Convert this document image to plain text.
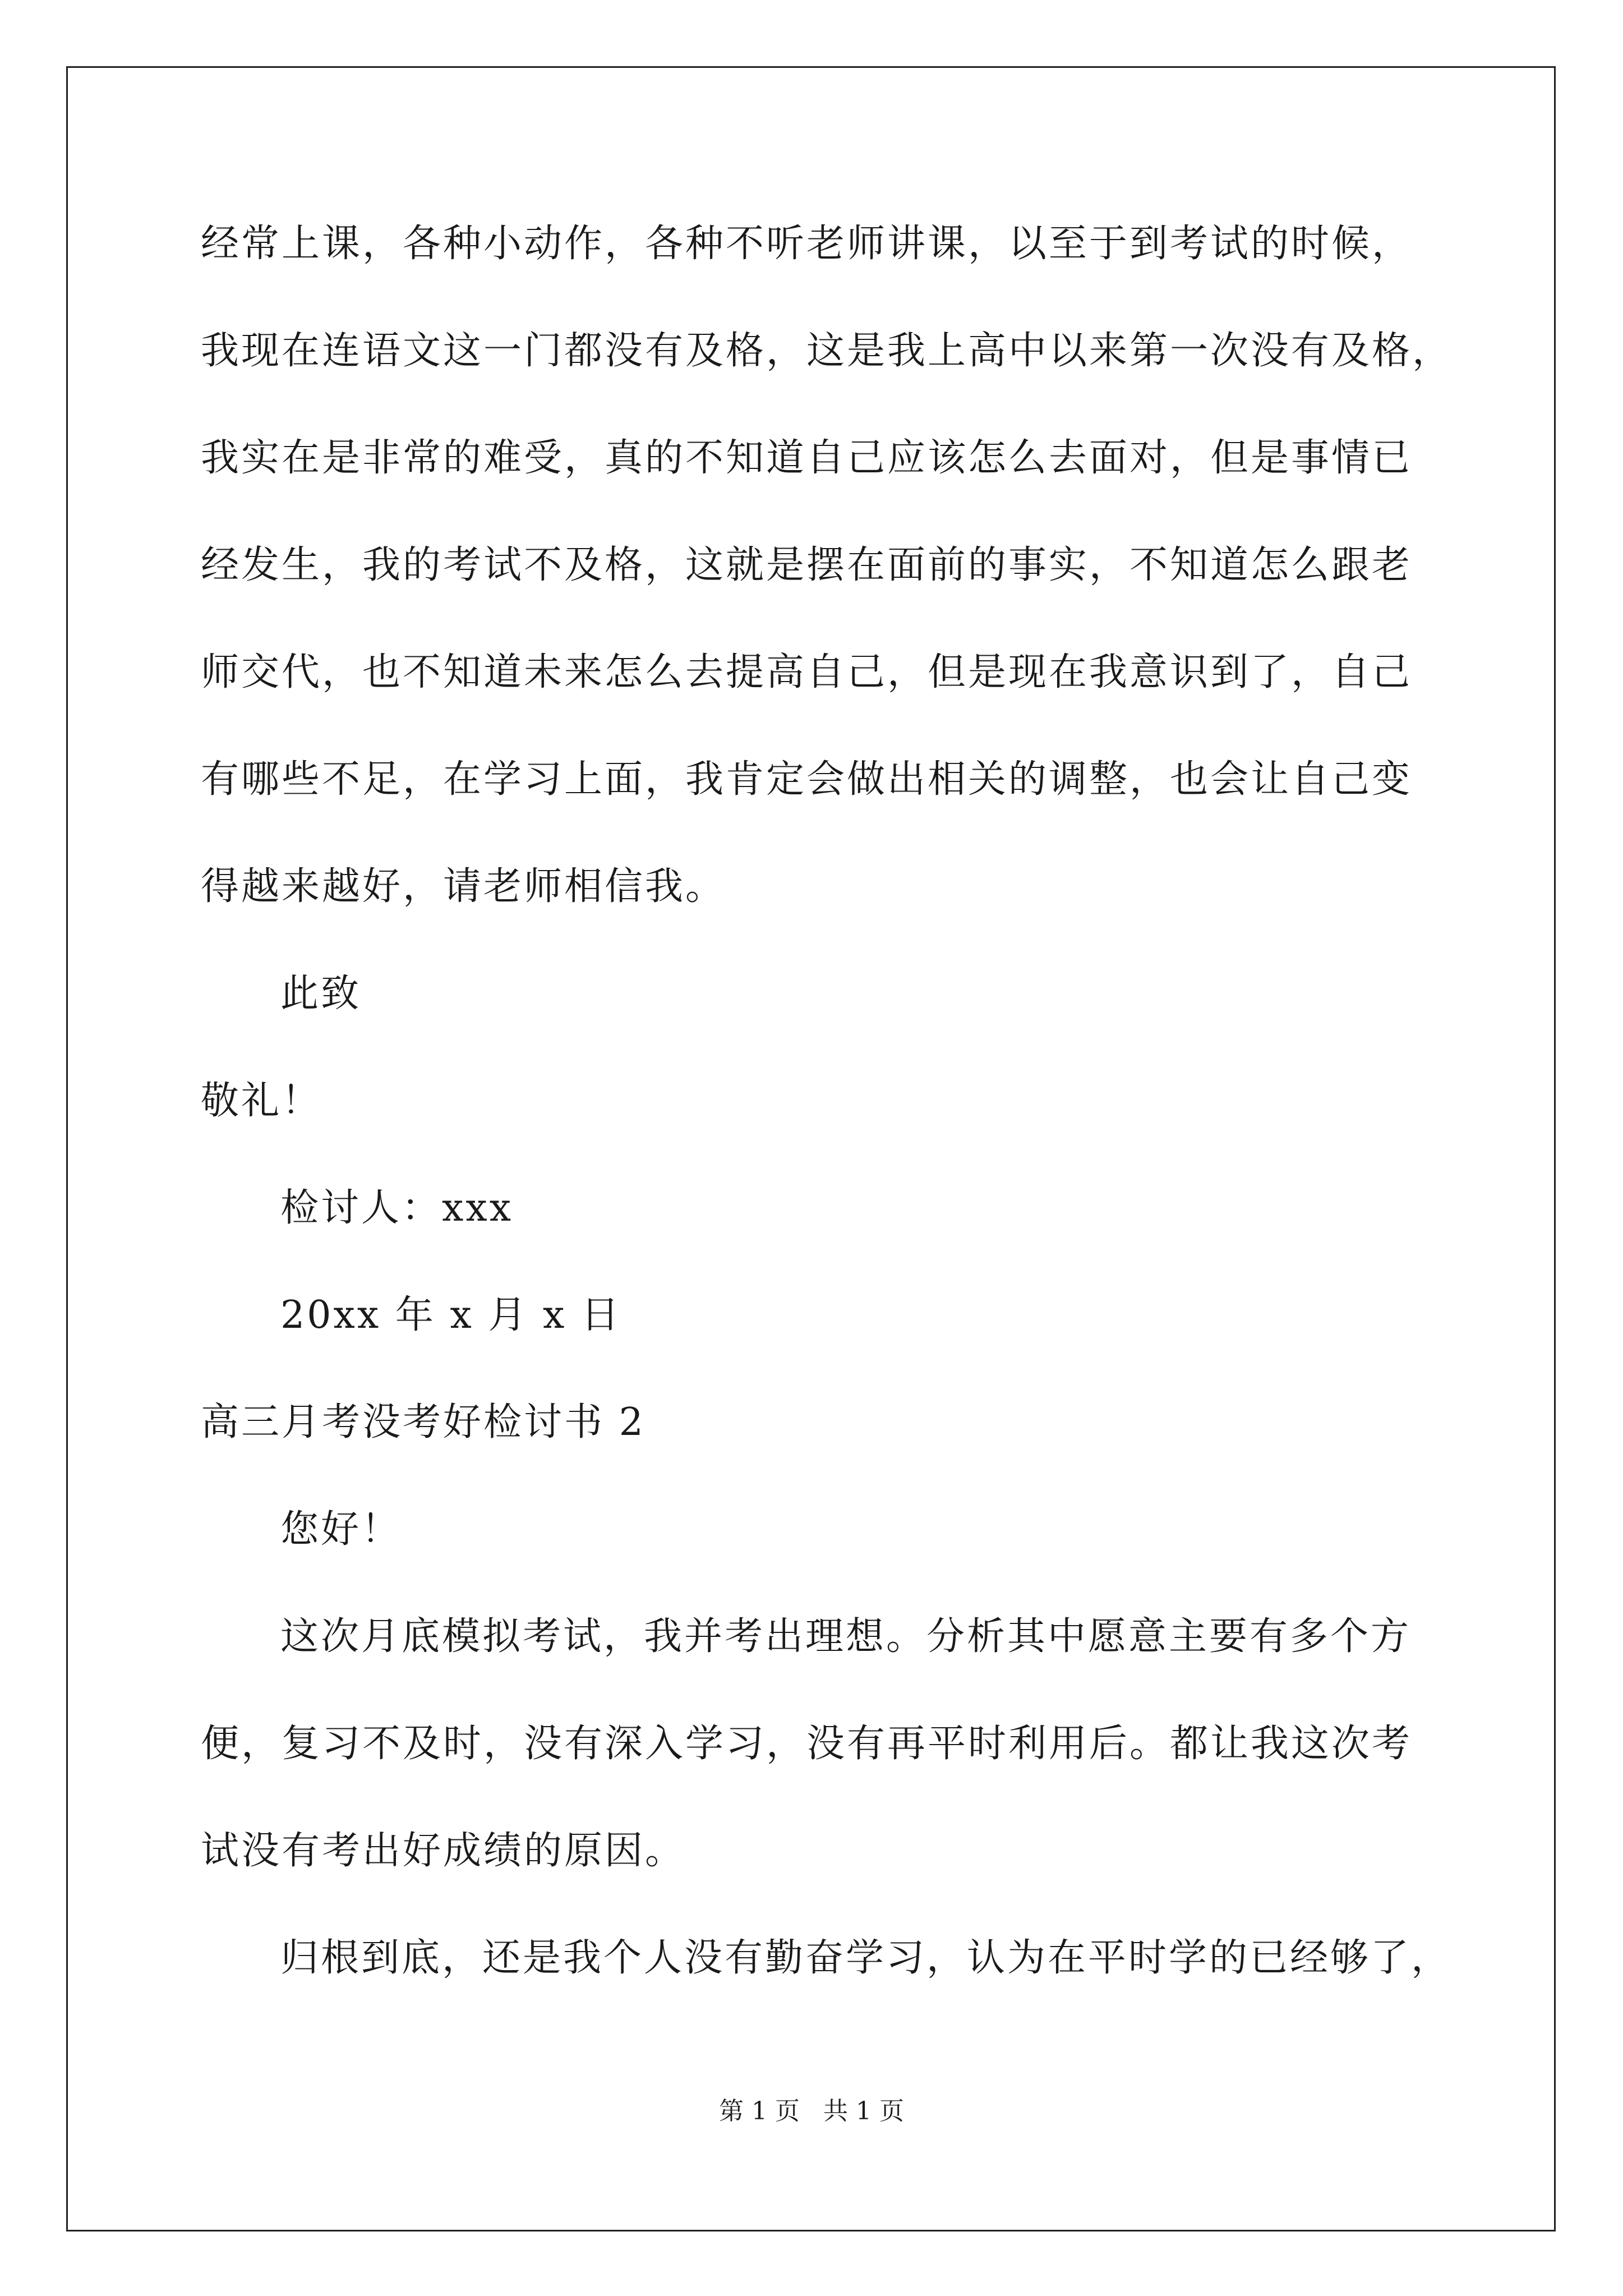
经常上课，各种小动作，各种不听老师讲课，以至于到考试的时候，
我现在连语文这一门都没有及格，这是我上高中以来第一次没有及格，
我实在是非常的难受，真的不知道自己应该怎么去面对，但是事情已
经发生，我的考试不及格，这就是摆在面前的事实，不知道怎么跟老
师交代，也不知道未来怎么去提高自己，但是现在我意识到了，自己
有哪些不足，在学习上面，我肯定会做出相关的调整，也会让自己变
得越来越好，请老师相信我。
此致
敬礼！
检讨人：xxx
20xx 年 x 月 x 日
高三月考没考好检讨书 2
您好！
这次月底模拟考试，我并考出理想。分析其中愿意主要有多个方
便，复习不及时，没有深入学习，没有再平时利用后。都让我这次考
试没有考出好成绩的原因。
归根到底，还是我个人没有勤奋学习，认为在平时学的已经够了，
第 1 页   共 1 页
